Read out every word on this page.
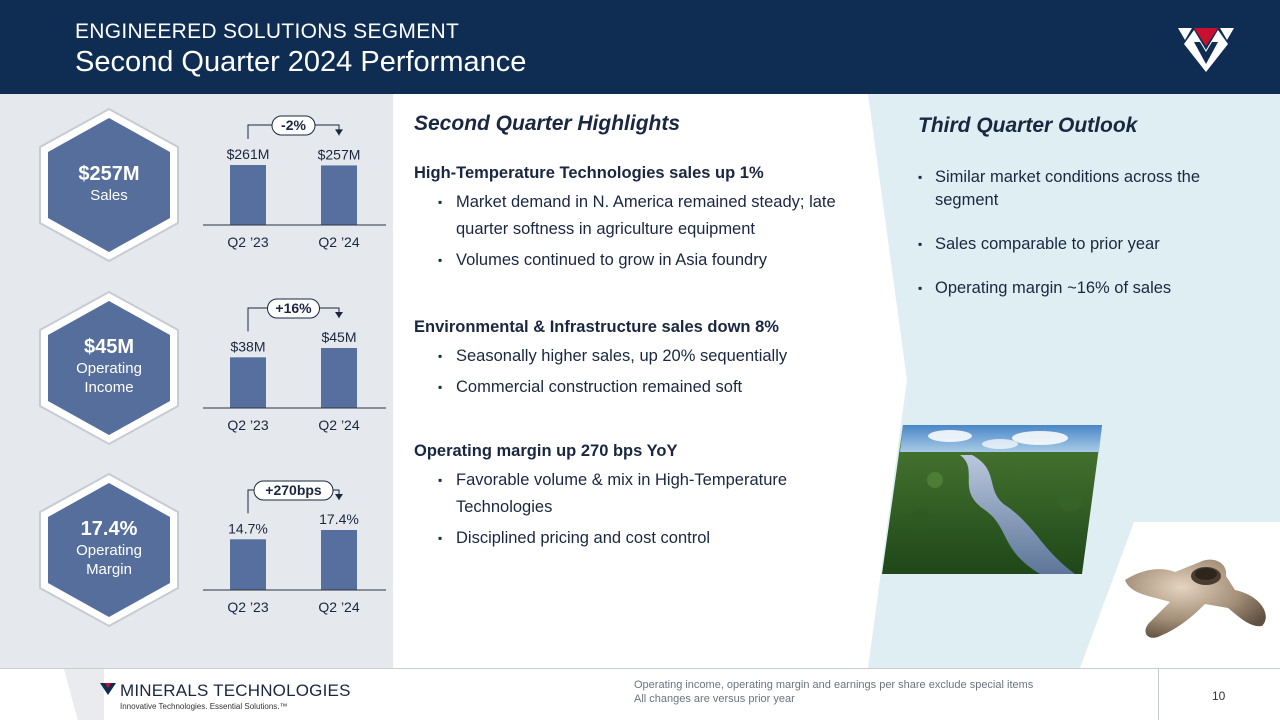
ENGINEERED SOLUTIONS SEGMENT
Second Quarter 2024 Performance
$257M
Sales
$261M
Q2 ’23
$257M
Q2 ’24
-2%
$45M
Operating
Income
$38M
Q2 ’23
$45M
Q2 ’24
+16%
17.4%
Operating
Margin
14.7%
Q2 ’23
17.4%
Q2 ’24
+270bps
Second Quarter Highlights
High-Temperature Technologies sales up 1%
▪ Market demand in N. America remained steady; late quarter softness in agriculture equipment
▪ Volumes continued to grow in Asia foundry
Environmental & Infrastructure sales down 8%
▪ Seasonally higher sales, up 20% sequentially
▪ Commercial construction remained soft
Operating margin up 270 bps YoY
▪ Favorable volume & mix in High-Temperature Technologies
▪ Disciplined pricing and cost control
Third Quarter Outlook
▪ Similar market conditions across the segment
▪ Sales comparable to prior year
▪ Operating margin ~16% of sales
MINERALS TECHNOLOGIES
Innovative Technologies. Essential Solutions.™
Operating income, operating margin and earnings per share exclude special items
All changes are versus prior year	10
